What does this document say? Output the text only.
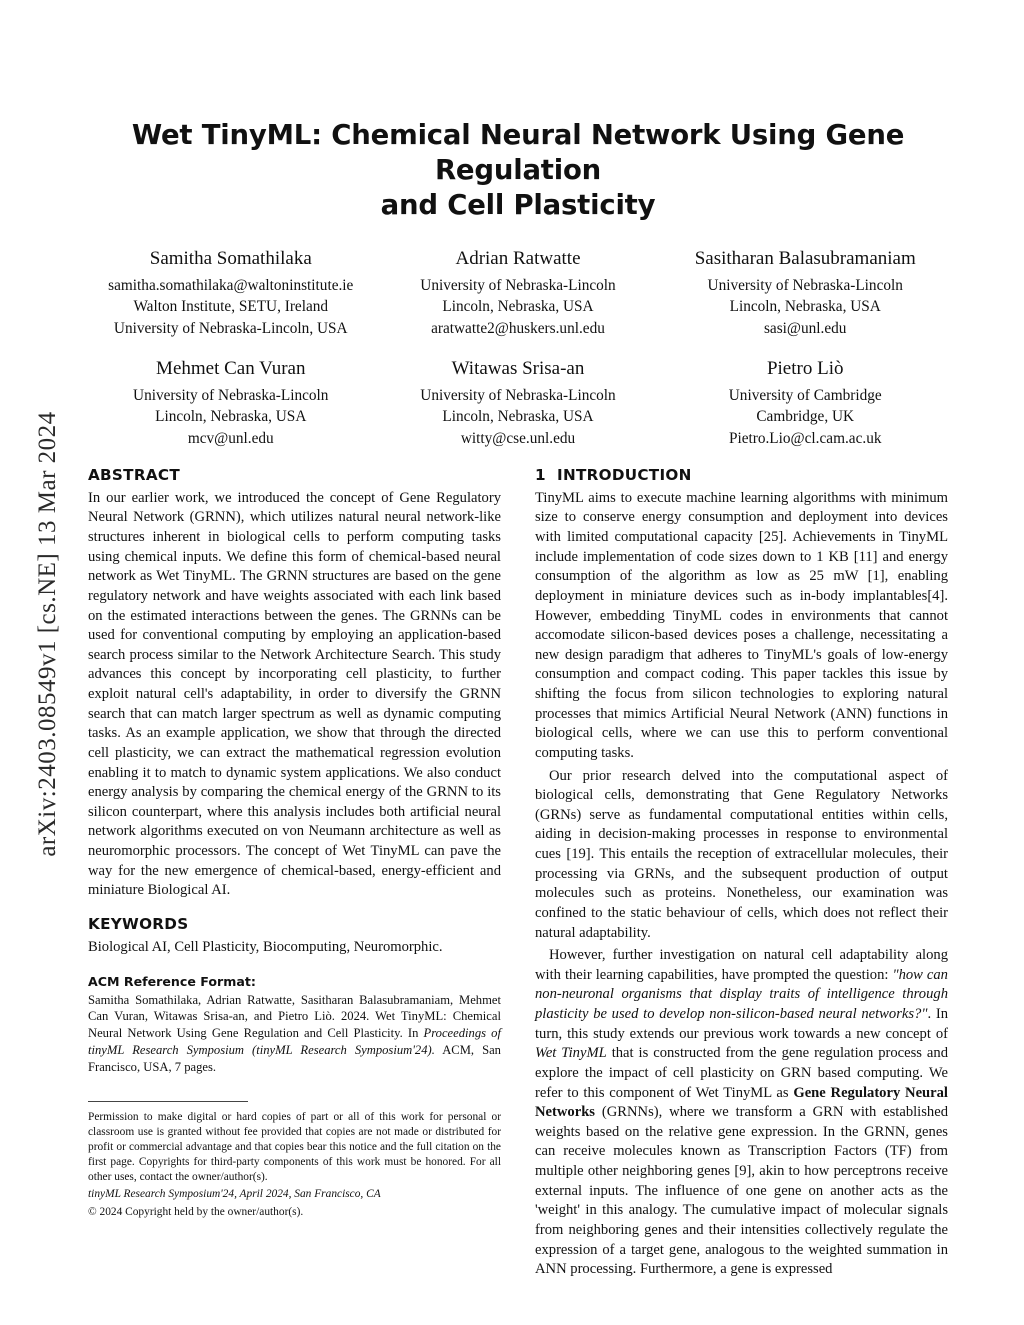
arXiv:2403.08549v1 [cs.NE] 13 Mar 2024
Wet TinyML: Chemical Neural Network Using Gene Regulation
and Cell Plasticity
Samitha Somathilaka
samitha.somathilaka@waltoninstitute.ie
Walton Institute, SETU, Ireland
University of Nebraska-Lincoln, USA
Adrian Ratwatte
University of Nebraska-Lincoln
Lincoln, Nebraska, USA
aratwatte2@huskers.unl.edu
Sasitharan Balasubramaniam
University of Nebraska-Lincoln
Lincoln, Nebraska, USA
sasi@unl.edu
Mehmet Can Vuran
University of Nebraska-Lincoln
Lincoln, Nebraska, USA
mcv@unl.edu
Witawas Srisa-an
University of Nebraska-Lincoln
Lincoln, Nebraska, USA
witty@cse.unl.edu
Pietro Liò
University of Cambridge
Cambridge, UK
Pietro.Lio@cl.cam.ac.uk
ABSTRACT

In our earlier work, we introduced the concept of Gene Regulatory Neural Network (GRNN), which utilizes natural neural network-like structures inherent in biological cells to perform computing tasks using chemical inputs. We define this form of chemical-based neural network as Wet TinyML. The GRNN structures are based on the gene regulatory network and have weights associated with each link based on the estimated interactions between the genes. The GRNNs can be used for conventional computing by employing an application-based search process similar to the Network Architecture Search. This study advances this concept by incorporating cell plasticity, to further exploit natural cell's adaptability, in order to diversify the GRNN search that can match larger spectrum as well as dynamic computing tasks. As an example application, we show that through the directed cell plasticity, we can extract the mathematical regression evolution enabling it to match to dynamic system applications. We also conduct energy analysis by comparing the chemical energy of the GRNN to its silicon counterpart, where this analysis includes both artificial neural network algorithms executed on von Neumann architecture as well as neuromorphic processors. The concept of Wet TinyML can pave the way for the new emergence of chemical-based, energy-efficient and miniature Biological AI.

KEYWORDS

Biological AI, Cell Plasticity, Biocomputing, Neuromorphic.

ACM Reference Format:

Samitha Somathilaka, Adrian Ratwatte, Sasitharan Balasubramaniam, Mehmet Can Vuran, Witawas Srisa-an, and Pietro Liò. 2024. Wet TinyML: Chemical Neural Network Using Gene Regulation and Cell Plasticity. In Proceedings of tinyML Research Symposium (tinyML Research Symposium'24). ACM, San Francisco, USA, 7 pages.

Permission to make digital or hard copies of part or all of this work for personal or classroom use is granted without fee provided that copies are not made or distributed for profit or commercial advantage and that copies bear this notice and the full citation on the first page. Copyrights for third-party components of this work must be honored. For all other uses, contact the owner/author(s).

tinyML Research Symposium'24, April 2024, San Francisco, CA

© 2024 Copyright held by the owner/author(s).

1 INTRODUCTION

TinyML aims to execute machine learning algorithms with minimum size to conserve energy consumption and deployment into devices with limited computational capacity [25]. Achievements in TinyML include implementation of code sizes down to 1 KB [11] and energy consumption of the algorithm as low as 25 mW [1], enabling deployment in miniature devices such as in-body implantables[4]. However, embedding TinyML codes in environments that cannot accomodate silicon-based devices poses a challenge, necessitating a new design paradigm that adheres to TinyML's goals of low-energy consumption and compact coding. This paper tackles this issue by shifting the focus from silicon technologies to exploring natural processes that mimics Artificial Neural Network (ANN) functions in biological cells, where we can use this to perform conventional computing tasks.

Our prior research delved into the computational aspect of biological cells, demonstrating that Gene Regulatory Networks (GRNs) serve as fundamental computational entities within cells, aiding in decision-making processes in response to environmental cues [19]. This entails the reception of extracellular molecules, their processing via GRNs, and the subsequent production of output molecules such as proteins. Nonetheless, our examination was confined to the static behaviour of cells, which does not reflect their natural adaptability.

However, further investigation on natural cell adaptability along with their learning capabilities, have prompted the question: "how can non-neuronal organisms that display traits of intelligence through plasticity be used to develop non-silicon-based neural networks?". In turn, this study extends our previous work towards a new concept of Wet TinyML that is constructed from the gene regulation process and explore the impact of cell plasticity on GRN based computing. We refer to this component of Wet TinyML as Gene Regulatory Neural Networks (GRNNs), where we transform a GRN with established weights based on the relative gene expression. In the GRNN, genes can receive molecules known as Transcription Factors (TF) from multiple other neighboring genes [9], akin to how perceptrons receive external inputs. The influence of one gene on another acts as the 'weight' in this analogy. The cumulative impact of molecular signals from neighboring genes and their intensities collectively regulate the expression of a target gene, analogous to the weighted summation in ANN processing. Furthermore, a gene is expressed
